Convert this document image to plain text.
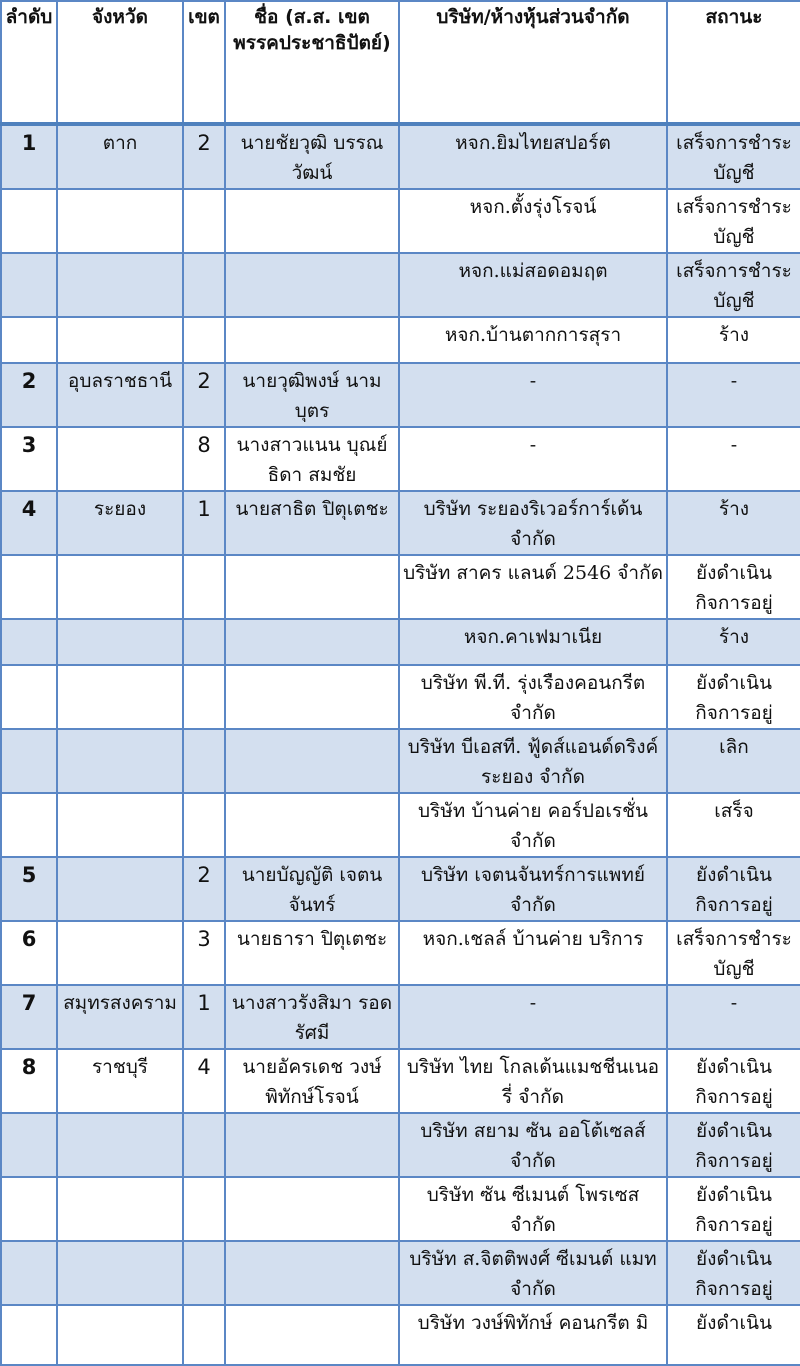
ลำดับ	จังหวัด	เขต	ชื่อ (ส.ส. เขต พรรคประชาธิปัตย์)	บริษัท/ห้างหุ้นส่วนจำกัด	สถานะ
1	ตาก	2	นายชัยวุฒิ บรรณวัฒน์	หจก.ยิมไทยสปอร์ต	เสร็จการชำระบัญชี
				หจก.ตั้งรุ่งโรจน์	เสร็จการชำระบัญชี
				หจก.แม่สอดอมฤต	เสร็จการชำระบัญชี
				หจก.บ้านตากการสุรา	ร้าง
2	อุบลราชธานี	2	นายวุฒิพงษ์ นามบุตร	-	-
3		8	นางสาวแนน บุณย์ธิดา สมชัย	-	-
4	ระยอง	1	นายสาธิต ปิตุเตชะ	บริษัท ระยองริเวอร์การ์เด้น จำกัด	ร้าง
				บริษัท สาคร แลนด์ 2546 จำกัด	ยังดำเนินกิจการอยู่
				หจก.คาเฟมาเนีย	ร้าง
				บริษัท พี.ที. รุ่งเรืองคอนกรีต จำกัด	ยังดำเนินกิจการอยู่
				บริษัท บีเอสที. ฟู้ดส์แอนด์ดริงค์ระยอง จำกัด	เลิก
				บริษัท บ้านค่าย คอร์ปอเรชั่น จำกัด	เสร็จ
5		2	นายบัญญัติ เจตนจันทร์	บริษัท เจตนจันทร์การแพทย์ จำกัด	ยังดำเนินกิจการอยู่
6		3	นายธารา ปิตุเตชะ	หจก.เชลล์ บ้านค่าย บริการ	เสร็จการชำระบัญชี
7	สมุทรสงคราม	1	นางสาวรังสิมา รอดรัศมี	-	-
8	ราชบุรี	4	นายอัครเดช วงษ์พิทักษ์โรจน์	บริษัท ไทย โกลเด้นแมชชีนเนอรี่ จำกัด	ยังดำเนินกิจการอยู่
				บริษัท สยาม ซัน ออโต้เซลส์ จำกัด	ยังดำเนินกิจการอยู่
				บริษัท ซัน ซีเมนต์ โพรเซส จำกัด	ยังดำเนินกิจการอยู่
				บริษัท ส.จิตติพงศ์ ซีเมนต์ แมท จำกัด	ยังดำเนินกิจการอยู่
				บริษัท วงษ์พิทักษ์ คอนกรีต มิ	ยังดำเนิน
